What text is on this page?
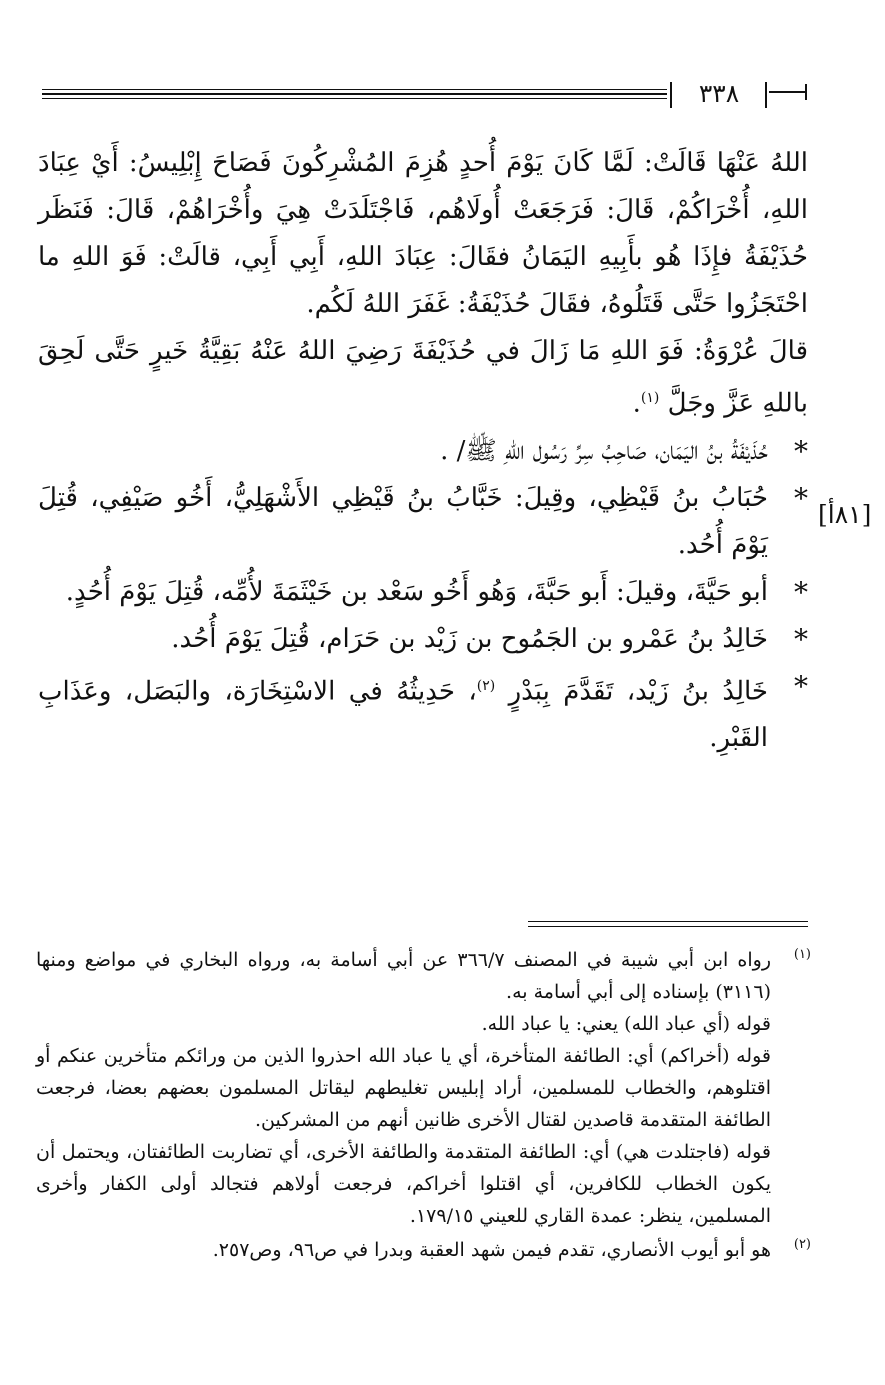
٣٣٨
[٨١أ]

اللهُ عَنْهَا قَالَتْ: لَمَّا كَانَ يَوْمَ أُحدٍ هُزِمَ المُشْرِكُونَ فَصَاحَ إِبْلِيسُ: أَيْ عِبَادَ اللهِ، أُخْرَاكُمْ، قَالَ: فَرَجَعَتْ أُولَاهُم، فَاجْتَلَدَتْ هِيَ وأُخْرَاهُمْ، قَالَ: فَنَظَر حُذَيْفَةُ فإِذَا هُو بأَبِيهِ اليَمَانُ فقَالَ: عِبَادَ اللهِ، أَبِي أَبِي، قالَتْ: فَوَ اللهِ ما احْتَجَزُوا حَتَّى قَتَلُوهُ، فقَالَ حُذَيْفَةُ: غَفَرَ اللهُ لَكُم.

قالَ عُرْوَةُ: فَوَ اللهِ مَا زَالَ في حُذَيْفَةَ رَضِيَ اللهُ عَنْهُ بَقِيَّةُ خَيرٍ حَتَّى لَحِقَ باللهِ عَزَّ وجَلَّ $^{(١)}$.

*
حُذَيْفَةُ بنُ اليَمَان، صَاحِبُ سِرِّ رَسُول اللهِ ﷺ/ .

*
حُبَابُ بنُ قَيْظِي، وقِيلَ: خَبَّابُ بنُ قَيْظِي الأَشْهَلِيُّ، أَخُو صَيْفِي، قُتِلَ يَوْمَ أُحُد.

*
أبو حَيَّةَ، وقيلَ: أَبو حَبَّةَ، وَهُو أَخُو سَعْد بن خَيْثَمَةَ لأُمِّه، قُتِلَ يَوْمَ أُحُدٍ.

*
خَالِدُ بنُ عَمْرو بن الجَمُوح بن زَيْد بن حَرَام، قُتِلَ يَوْمَ أُحُد.

*
خَالِدُ بنُ زَيْد، تَقَدَّمَ بِبَدْرٍ $^{(٢)}$، حَدِيثُهُ في الاسْتِخَارَة، والبَصَل، وعَذَابِ القَبْرِ.

(١)

رواه ابن أبي شيبة في المصنف ٣٦٦/٧ عن أبي أسامة به، ورواه البخاري في مواضع ومنها (٣١١٦) بإسناده إلى أبي أسامة به.

قوله (أي عباد الله) يعني: يا عباد الله.

قوله (أخراكم) أي: الطائفة المتأخرة، أي يا عباد الله احذروا الذين من ورائكم متأخرين عنكم أو اقتلوهم، والخطاب للمسلمين، أراد إبليس تغليطهم ليقاتل المسلمون بعضهم بعضا، فرجعت الطائفة المتقدمة قاصدين لقتال الأخرى ظانين أنهم من المشركين.

قوله (فاجتلدت هي) أي: الطائفة المتقدمة والطائفة الأخرى، أي تضاربت الطائفتان، ويحتمل أن يكون الخطاب للكافرين، أي اقتلوا أخراكم، فرجعت أولاهم فتجالد أولى الكفار وأخرى المسلمين، ينظر: عمدة القاري للعيني ١٧٩/١٥.

(٢)

هو أبو أيوب الأنصاري، تقدم فيمن شهد العقبة وبدرا في ص٩٦، وص٢٥٧.
